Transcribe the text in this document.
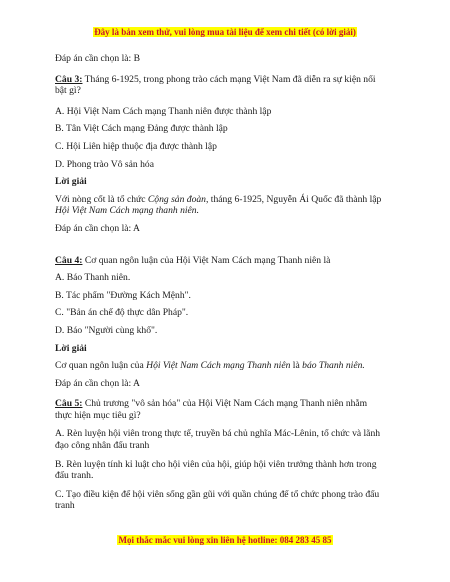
Đây là bản xem thử, vui lòng mua tài liệu để xem chi tiết (có lời giải)

Đáp án cần chọn là: B

Câu 3: Tháng 6-1925, trong phong trào cách mạng Việt Nam đã diễn ra sự kiện nổi bật gì?

A. Hội Việt Nam Cách mạng Thanh niên được thành lập

B. Tân Việt Cách mạng Đảng được thành lập

C. Hội Liên hiệp thuộc địa được thành lập

D. Phong trào Vô sản hóa

Lời giải

Với nòng cốt là tổ chức Cộng sản đoàn, tháng 6-1925, Nguyễn Ái Quốc đã thành lập Hội Việt Nam Cách mạng thanh niên.

Đáp án cần chọn là: A

Câu 4: Cơ quan ngôn luận của Hội Việt Nam Cách mạng Thanh niên là

A. Báo Thanh niên.

B. Tác phẩm "Đường Kách Mệnh".

C. "Bản án chế độ thực dân Pháp".

D. Báo "Người cùng khổ".

Lời giải

Cơ quan ngôn luận của Hội Việt Nam Cách mạng Thanh niên là báo Thanh niên.

Đáp án cần chọn là: A

Câu 5: Chủ trương "vô sản hóa" của Hội Việt Nam Cách mạng Thanh niên nhằm thực hiện mục tiêu gì?

A. Rèn luyện hội viên trong thực tế, truyền bá chủ nghĩa Mác-Lênin, tổ chức và lãnh đạo công nhân đấu tranh

B. Rèn luyện tính kỉ luật cho hội viên của hội, giúp hội viên trưởng thành hơn trong đấu tranh.

C. Tạo điều kiện để hội viên sống gần gũi với quần chúng để tổ chức phong trào đấu tranh

Mọi thắc mắc vui lòng xin liên hệ hotline: 084 283 45 85
